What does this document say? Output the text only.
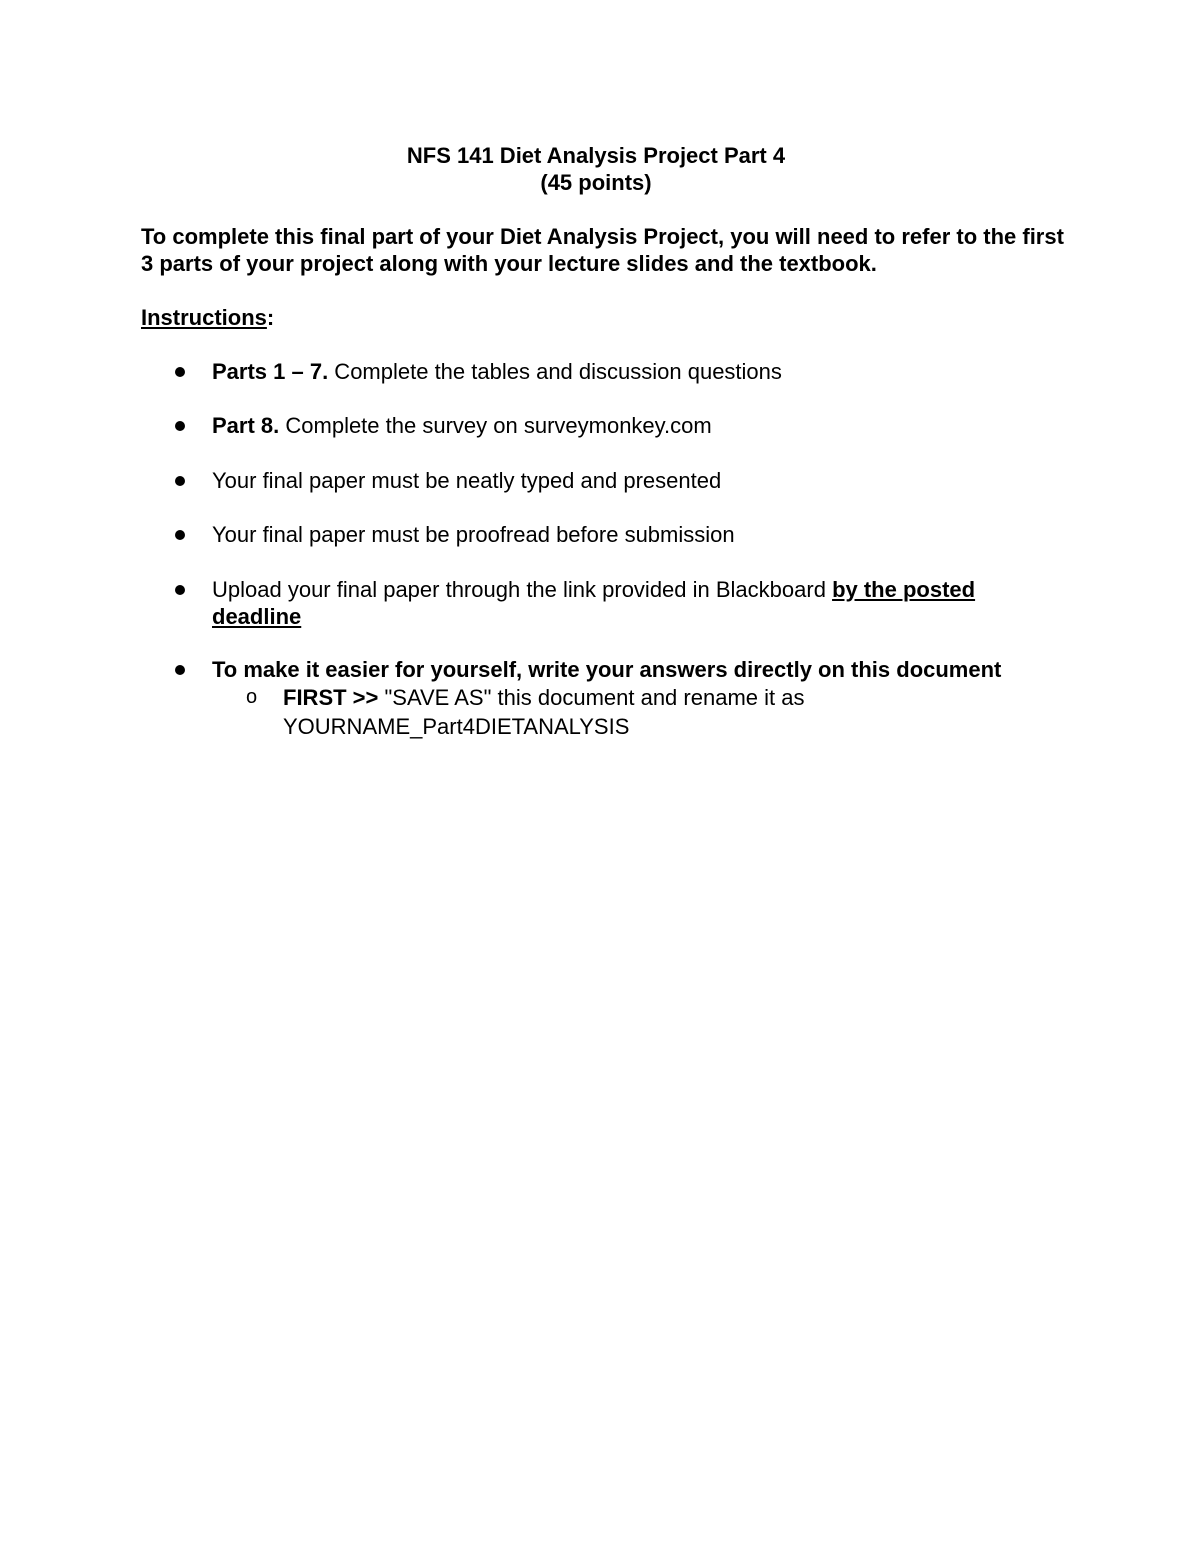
NFS 141 Diet Analysis Project Part 4
(45 points)
To complete this final part of your Diet Analysis Project, you will need to refer to the first 3 parts of your project along with your lecture slides and the textbook.
Instructions:
Parts 1 – 7. Complete the tables and discussion questions
Part 8. Complete the survey on surveymonkey.com
Your final paper must be neatly typed and presented
Your final paper must be proofread before submission
Upload your final paper through the link provided in Blackboard by the posted deadline
To make it easier for yourself, write your answers directly on this document
o FIRST >> "SAVE AS" this document and rename it as YOURNAME_Part4DIETANALYSIS
